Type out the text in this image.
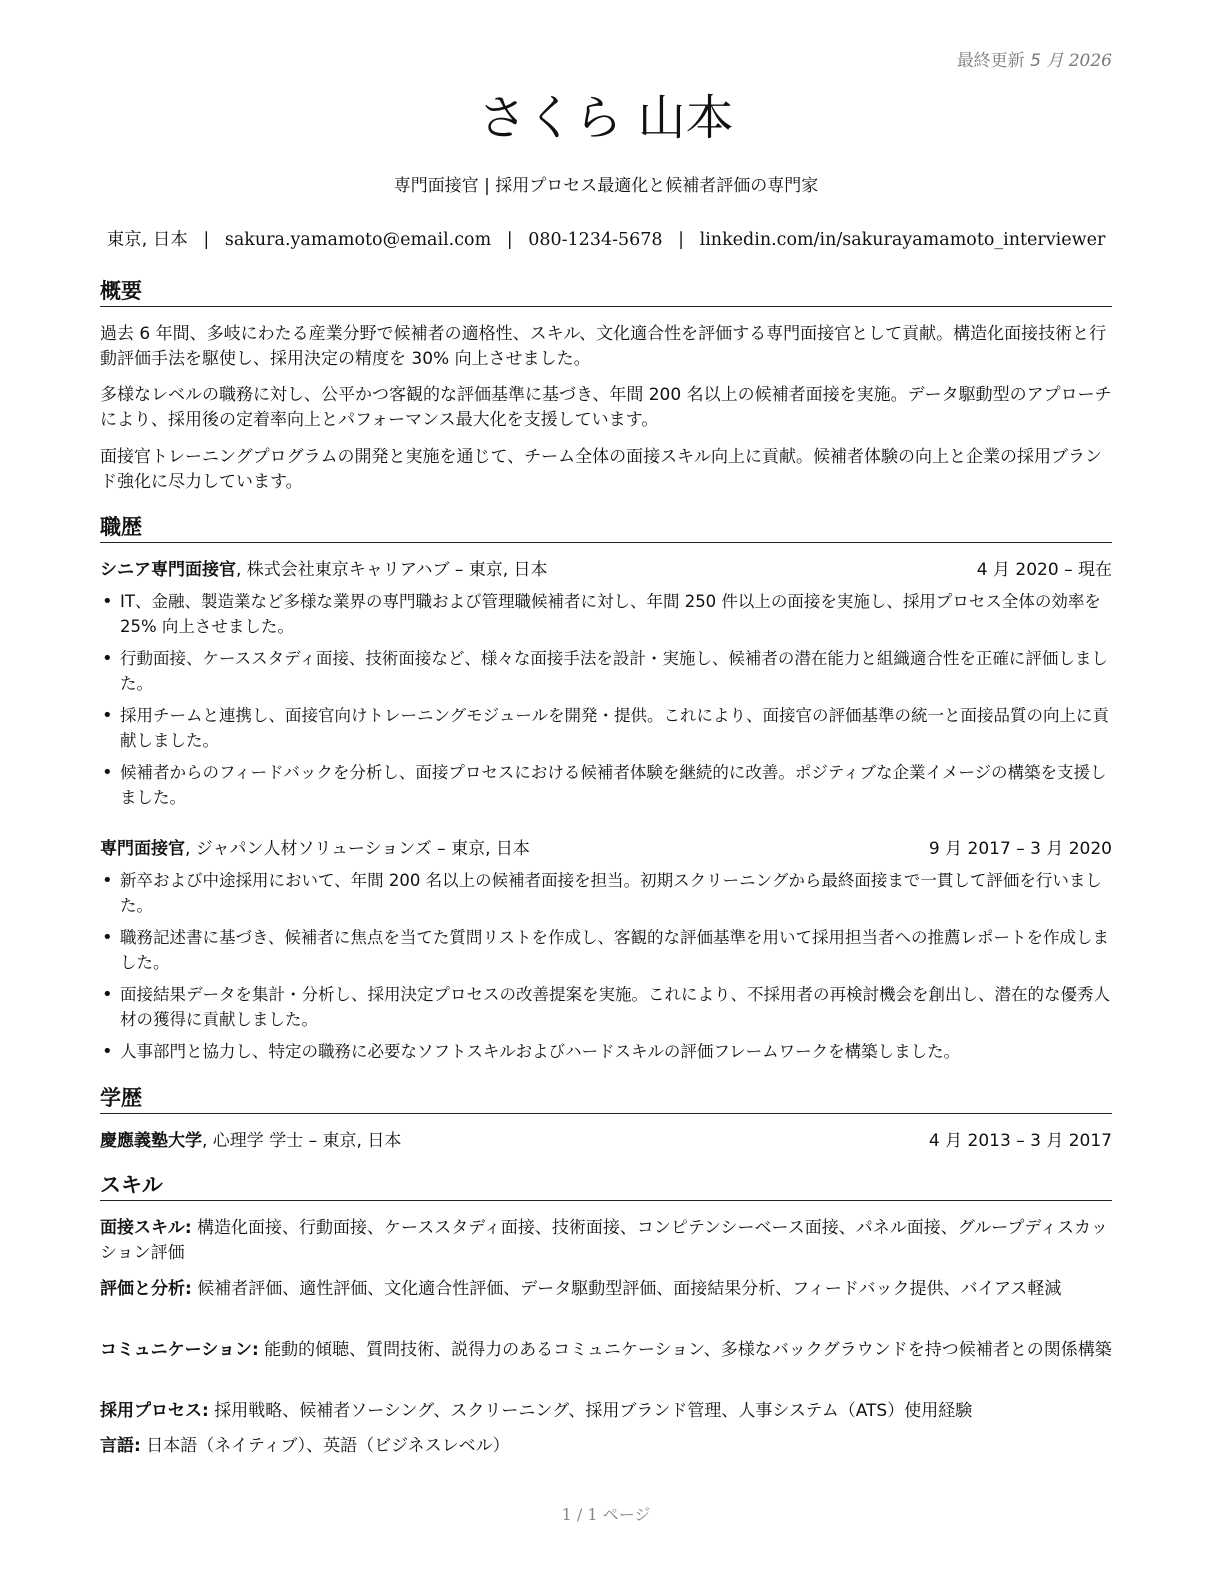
最終更新 5 月 2026
さくら 山本
専門面接官 | 採用プロセス最適化と候補者評価の専門家
東京, 日本 | sakura.yamamoto@email.com | 080-1234-5678 | linkedin.com/in/sakurayamamoto_interviewer
概要

過去 6 年間、多岐にわたる産業分野で候補者の適格性、スキル、文化適合性を評価する専門面接官として貢献。構造化面接技術と行動評価手法を駆使し、採用決定の精度を 30% 向上させました。

多様なレベルの職務に対し、公平かつ客観的な評価基準に基づき、年間 200 名以上の候補者面接を実施。データ駆動型のアプローチにより、採用後の定着率向上とパフォーマンス最大化を支援しています。

面接官トレーニングプログラムの開発と実施を通じて、チーム全体の面接スキル向上に貢献。候補者体験の向上と企業の採用ブランド強化に尽力しています。

職歴
シニア専門面接官, 株式会社東京キャリアハブ – 東京, 日本	4 月 2020 – 現在
• IT、金融、製造業など多様な業界の専門職および管理職候補者に対し、年間 250 件以上の面接を実施し、採用プロセス全体の効率を 25% 向上させました。
• 行動面接、ケーススタディ面接、技術面接など、様々な面接手法を設計・実施し、候補者の潜在能力と組織適合性を正確に評価しました。
• 採用チームと連携し、面接官向けトレーニングモジュールを開発・提供。これにより、面接官の評価基準の統一と面接品質の向上に貢献しました。
• 候補者からのフィードバックを分析し、面接プロセスにおける候補者体験を継続的に改善。ポジティブな企業イメージの構築を支援しました。
専門面接官, ジャパン人材ソリューションズ – 東京, 日本	9 月 2017 – 3 月 2020
• 新卒および中途採用において、年間 200 名以上の候補者面接を担当。初期スクリーニングから最終面接まで一貫して評価を行いました。
• 職務記述書に基づき、候補者に焦点を当てた質問リストを作成し、客観的な評価基準を用いて採用担当者への推薦レポートを作成しました。
• 面接結果データを集計・分析し、採用決定プロセスの改善提案を実施。これにより、不採用者の再検討機会を創出し、潜在的な優秀人材の獲得に貢献しました。
• 人事部門と協力し、特定の職務に必要なソフトスキルおよびハードスキルの評価フレームワークを構築しました。
学歴
慶應義塾大学, 心理学 学士 – 東京, 日本	4 月 2013 – 3 月 2017
スキル
面接スキル: 構造化面接、行動面接、ケーススタディ面接、技術面接、コンピテンシーベース面接、パネル面接、グループディスカッション評価
評価と分析: 候補者評価、適性評価、文化適合性評価、データ駆動型評価、面接結果分析、フィードバック提供、バイアス軽減
コミュニケーション: 能動的傾聴、質問技術、説得力のあるコミュニケーション、多様なバックグラウンドを持つ候補者との関係構築
採用プロセス: 採用戦略、候補者ソーシング、スクリーニング、採用ブランド管理、人事システム（ATS）使用経験
言語: 日本語（ネイティブ）、英語（ビジネスレベル）
1 / 1 ページ
